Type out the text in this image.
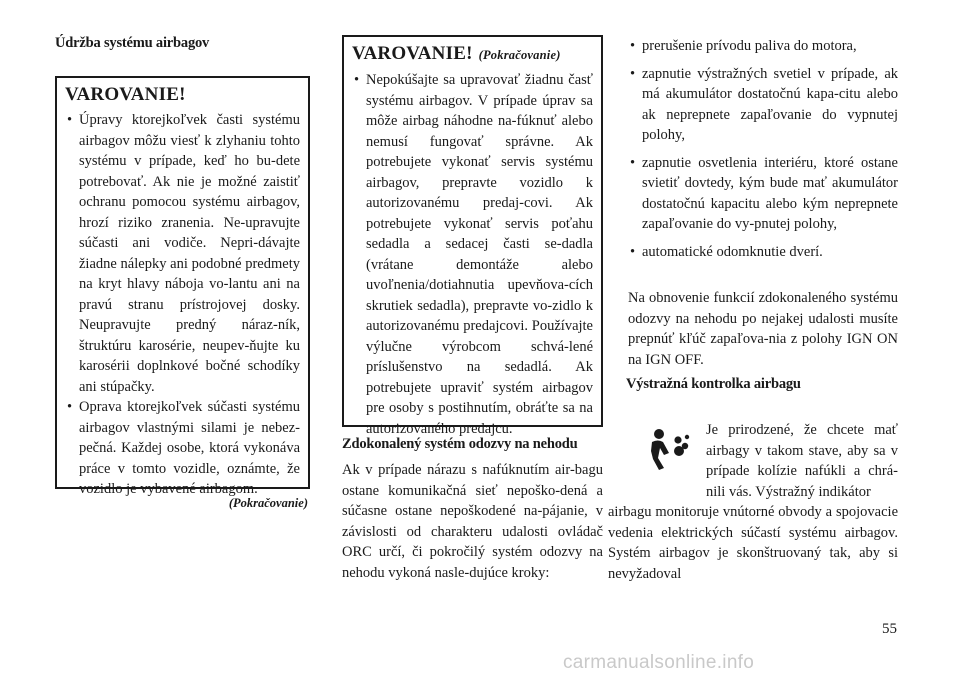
Údržba systému airbagov
VAROVANIE!
• Úpravy ktorejkoľvek časti systému airbagov môžu viesť k zlyhaniu tohto systému v prípade, keď ho bu-dete potrebovať. Ak nie je možné zaistiť ochranu pomocou systému airbagov, hrozí riziko zranenia. Ne-upravujte súčasti ani vodiče. Nepri-dávajte žiadne nálepky ani podobné predmety na kryt hlavy nábоja vo-lantu ani na pravú stranu prístrojovej dosky. Neupravujte predný nárаz-ník, štruktúru karosérie, neupev-ňujte ku karosérii doplnkové bočné schodíky ani stúpačky.
• Oprava ktorejkoľvek súčasti systému airbagov vlastnými silami je nebez-pečná. Každej osobe, ktorá vykonáva práce v tomto vozidle, oznámte, že vozidlo je vybavené airbagom.
(Pokračovanie)
VAROVANIE! (Pokračovanie)
• Nepokúšajte sa upravovať žiadnu časť systému airbagov. V prípade úprav sa môže airbag náhodne na-fúknuť alebo nemusí fungovať správne. Ak potrebujete vykonať servis systému airbagov, prepravte vozidlo k autorizovanému predaj-covi. Ak potrebujete vykonať servis poťahu sedadla a sedacej časti se-dadla (vrátane demontáže alebo uvoľnenia/dotiahnutia upevňova-cích skrutiek sedadla), prepravte vo-zidlo k autorizovanému predajcovi. Používajte výlučne výrobcom schvá-lené príslušenstvo na sedadlá. Ak potrebujete upraviť systém airbagov pre osoby s postihnutím, obráťte sa na autorizovaného predajcu.
Zdokonalený systém odozvy na nehodu

Ak v prípade nárazu s nafúknutím air-bagu ostane komunikačná sieť nepoško-dená a súčasne ostane nepoškodené na-pájanie, v závislosti od charakteru udalosti ovládač ORC určí, či pokročilý systém odozvy na nehodu vykoná nasle-dujúce kroky:

• prerušenie prívodu paliva do motora,
• zapnutie výstražných svetiel v prípade, ak má akumulátor dostatočnú kapa-citu alebo ak neprepnete zapaľovanie do vypnutej polohy,
• zapnutie osvetlenia interiéru, ktoré ostane svietiť dovtedy, kým bude mať akumulátor dostatočnú kapacitu alebo kým neprepnete zapaľovanie do vy-pnutej polohy,
• automatické odomknutie dverí.

Na obnovenie funkcií zdokonaleného systému odozvy na nehodu po nejakej udalosti musíte prepnúť kľúč zapaľova-nia z polohy IGN ON na IGN OFF.

Výstražná kontrolka airbagu

Je prirodzené, že chcete mať airbagy v takom stave, aby sa v prípade kolízie nafúkli a chrá-nili vás. Výstražný indikátor

airbagu monitoruje vnútorné obvody a spojovacie vedenia elektrických súčastí systému airbagov. Systém airbagov je skonštruovaný tak, aby si nevyžadoval

55
carmanualsonline.info
